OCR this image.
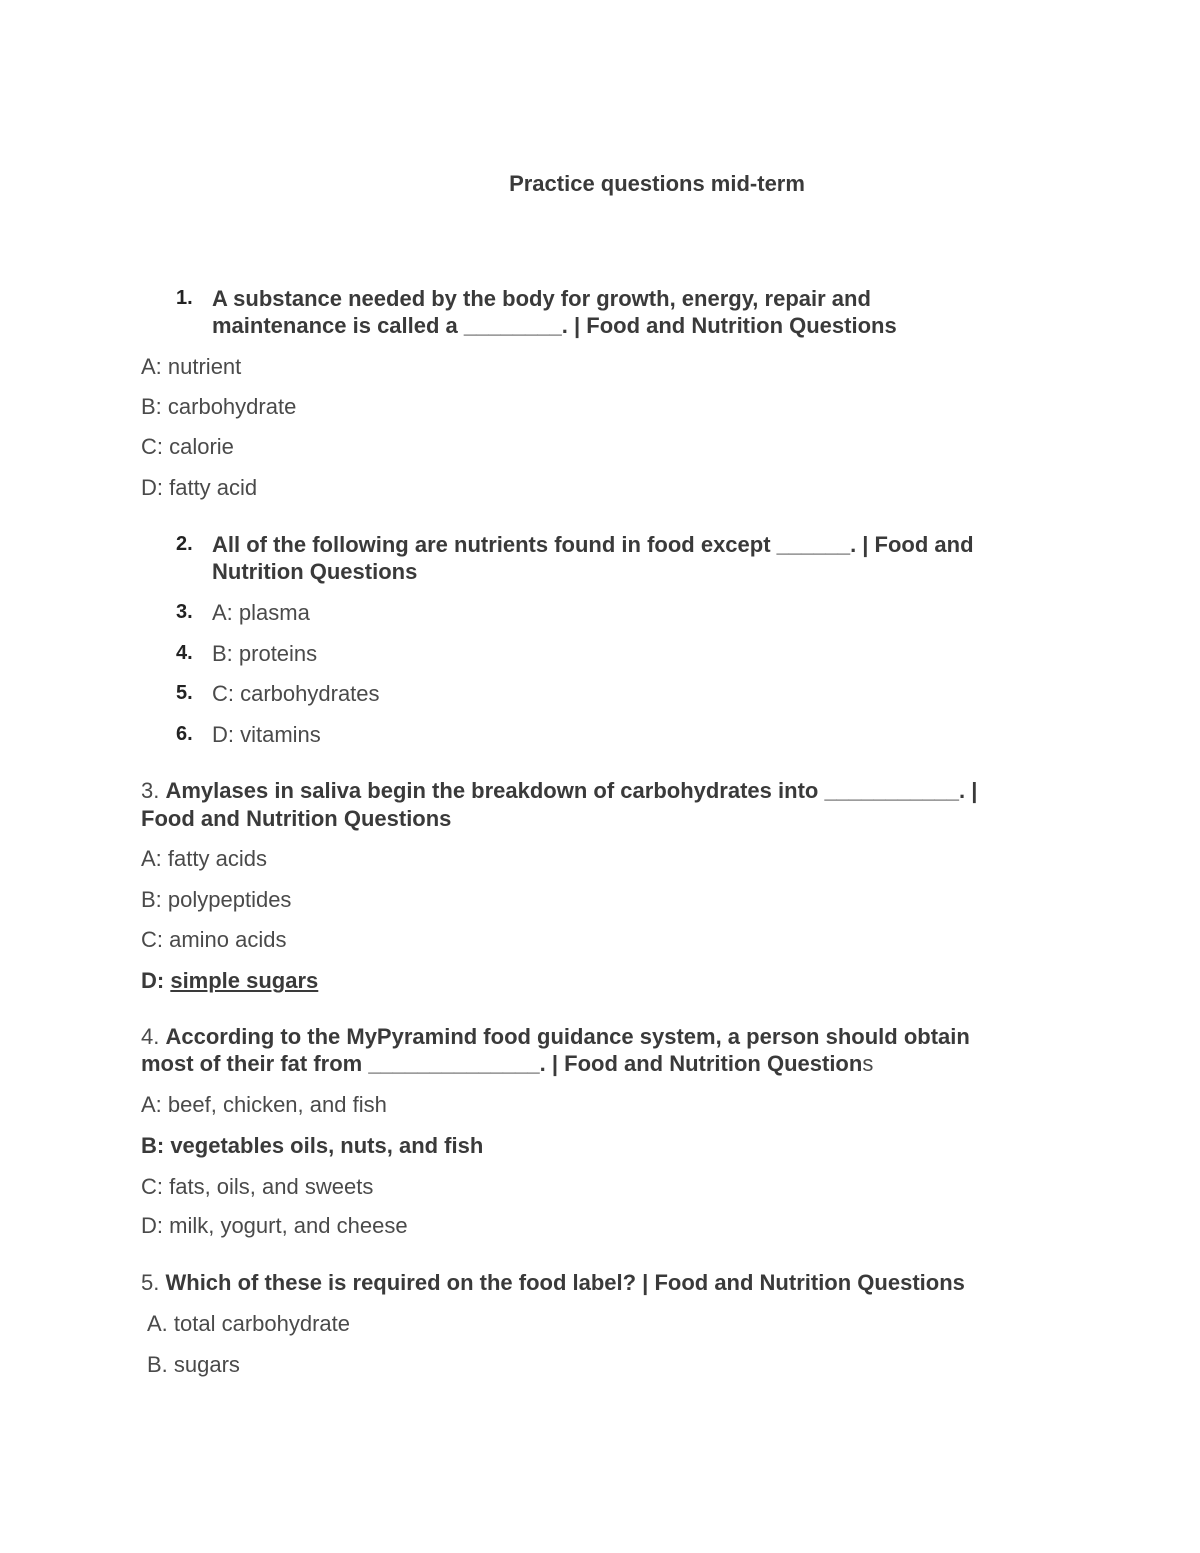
Practice questions mid-term
1. A substance needed by the body for growth, energy, repair and
maintenance is called a ________. | Food and Nutrition Questions
A: nutrient
B: carbohydrate
C: calorie
D: fatty acid
2. All of the following are nutrients found in food except ______. | Food and
Nutrition Questions
3. A: plasma
4. B: proteins
5. C: carbohydrates
6. D: vitamins
3. Amylases in saliva begin the breakdown of carbohydrates into ___________. |
Food and Nutrition Questions
A: fatty acids
B: polypeptides
C: amino acids
D: simple sugars
4. According to the MyPyramind food guidance system, a person should obtain
most of their fat from ______________. | Food and Nutrition Questions
A: beef, chicken, and fish
B: vegetables oils, nuts, and fish
C: fats, oils, and sweets
D: milk, yogurt, and cheese
5. Which of these is required on the food label? | Food and Nutrition Questions
A. total carbohydrate
B. sugars
